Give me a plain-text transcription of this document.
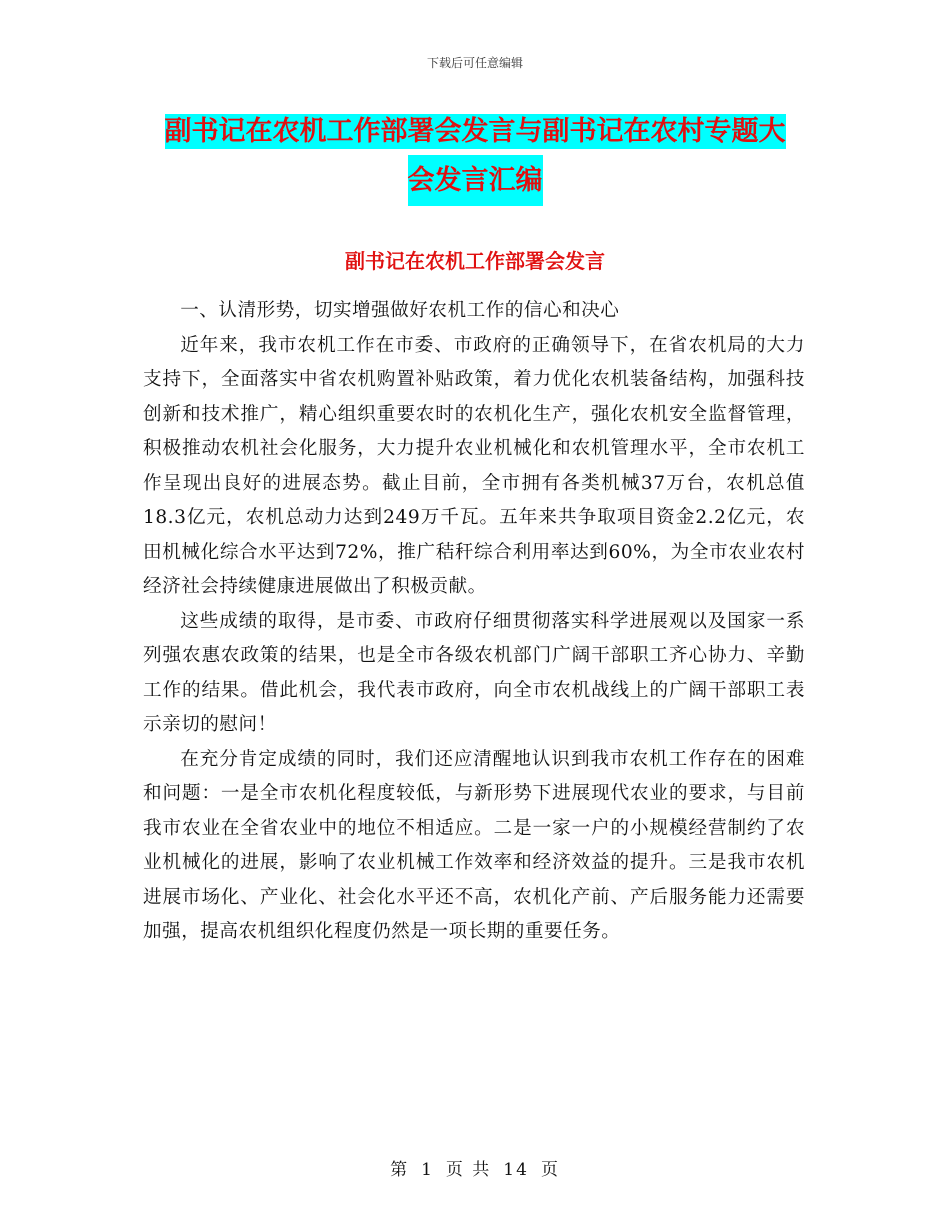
下载后可任意编辑
副书记在农机工作部署会发言与副书记在农村专题大
会发言汇编
副书记在农机工作部署会发言

一、认清形势，切实增强做好农机工作的信心和决心

近年来，我市农机工作在市委、市政府的正确领导下，在省农机局的大力支持下，全面落实中省农机购置补贴政策，着力优化农机装备结构，加强科技创新和技术推广，精心组织重要农时的农机化生产，强化农机安全监督管理，积极推动农机社会化服务，大力提升农业机械化和农机管理水平，全市农机工作呈现出良好的进展态势。截止目前，全市拥有各类机械37万台，农机总值18.3亿元，农机总动力达到249万千瓦。五年来共争取项目资金2.2亿元，农田机械化综合水平达到72%，推广秸秆综合利用率达到60%，为全市农业农村经济社会持续健康进展做出了积极贡献。

这些成绩的取得，是市委、市政府仔细贯彻落实科学进展观以及国家一系列强农惠农政策的结果，也是全市各级农机部门广阔干部职工齐心协力、辛勤工作的结果。借此机会，我代表市政府，向全市农机战线上的广阔干部职工表示亲切的慰问！

在充分肯定成绩的同时，我们还应清醒地认识到我市农机工作存在的困难和问题：一是全市农机化程度较低，与新形势下进展现代农业的要求，与目前我市农业在全省农业中的地位不相适应。二是一家一户的小规模经营制约了农业机械化的进展，影响了农业机械工作效率和经济效益的提升。三是我市农机进展市场化、产业化、社会化水平还不高，农机化产前、产后服务能力还需要加强，提高农机组织化程度仍然是一项长期的重要任务。

第 1 页 共 14 页
